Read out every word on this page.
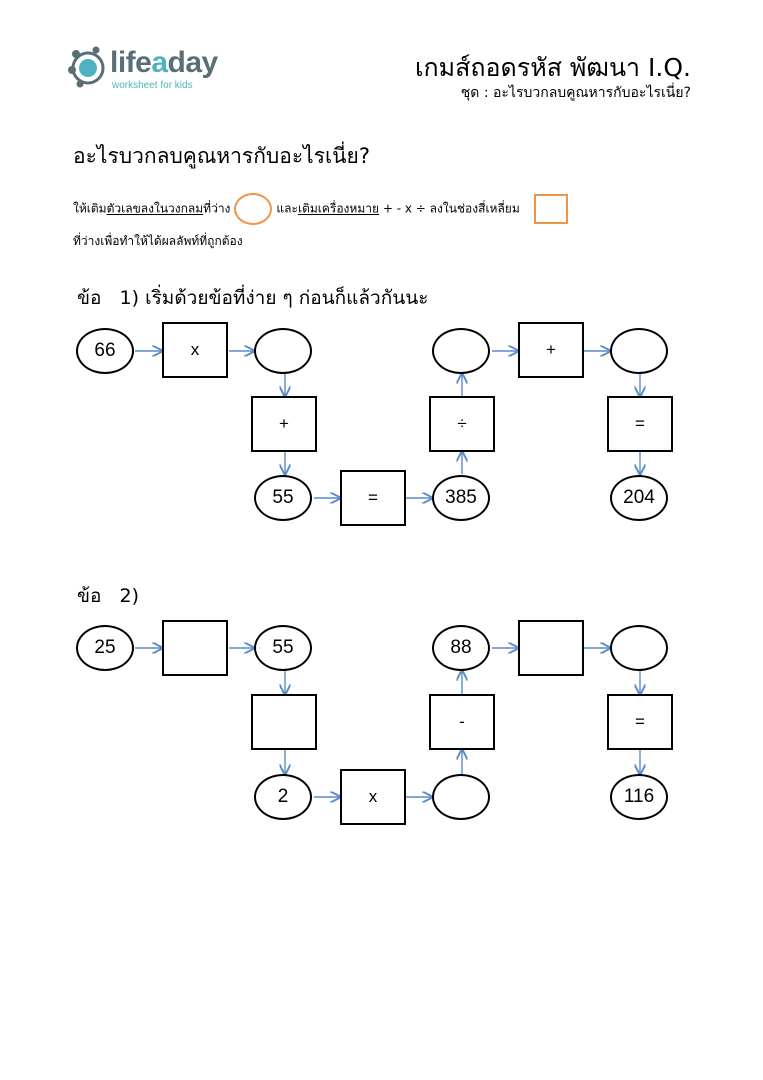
lifeaday
worksheet for kids
เกมส์ถอดรหัส พัฒนา I.Q.
ชุด : อะไรบวกลบคูณหารกับอะไรเนี่ย?
อะไรบวกลบคูณหารกับอะไรเนี่ย?
ให้เติมตัวเลขลงในวงกลมที่ว่าง	และเติมเครื่องหมาย + - x ÷ ลงในช่องสี่เหลี่ยม
ที่ว่างเพื่อทำให้ได้ผลลัพท์ที่ถูกต้อง
ข้อ 1) เริ่มด้วยข้อที่ง่าย ๆ ก่อนก็แล้วกันนะ
66	x
+
55	=	385
÷
+
=
204
ข้อ 2)
25	55
2	x
-
88
=
116
